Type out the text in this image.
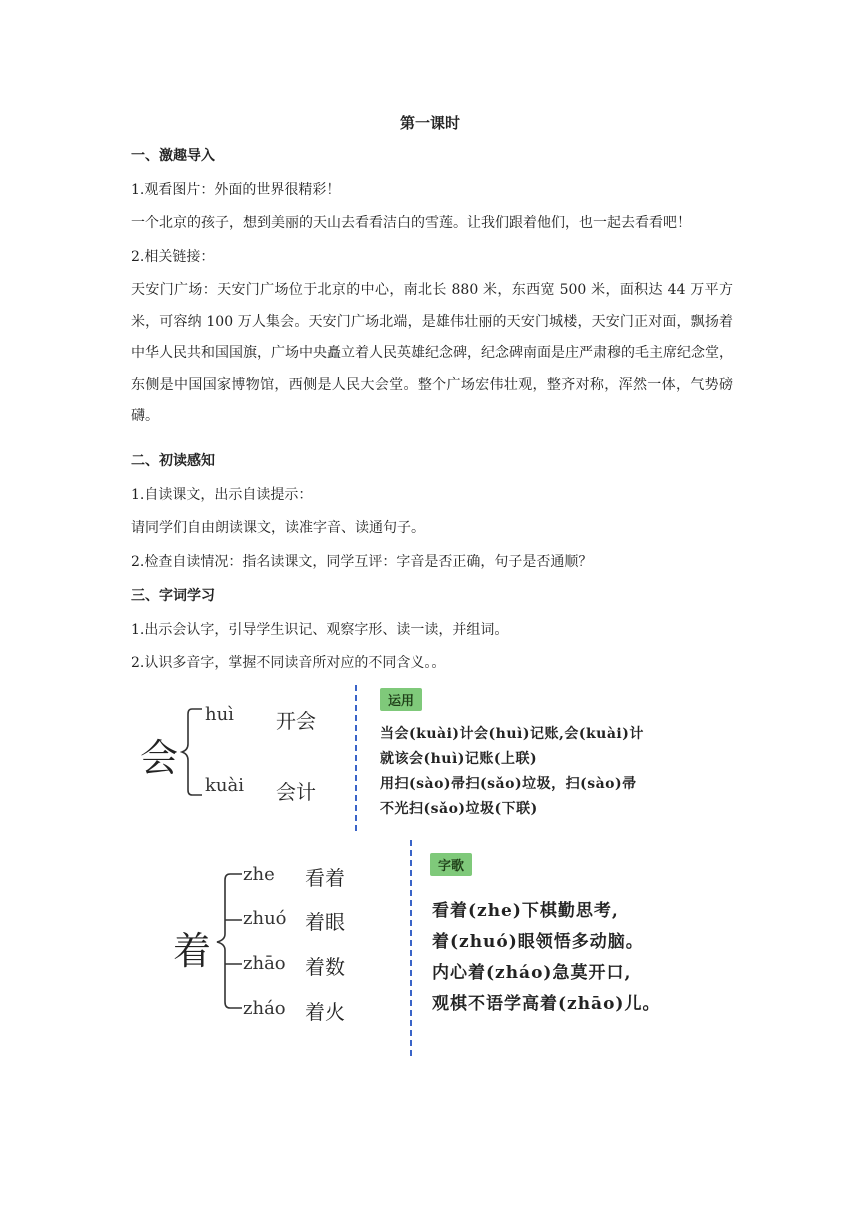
第一课时
一、激趣导入
1.观看图片：外面的世界很精彩！
一个北京的孩子，想到美丽的天山去看看洁白的雪莲。让我们跟着他们，也一起去看看吧！
2.相关链接：
天安门广场：天安门广场位于北京的中心，南北长 880 米，东西宽 500 米，面积达 44 万平方米，可容纳 100 万人集会。天安门广场北端，是雄伟壮丽的天安门城楼，天安门正对面，飘扬着中华人民共和国国旗，广场中央矗立着人民英雄纪念碑，纪念碑南面是庄严肃穆的毛主席纪念堂，东侧是中国国家博物馆，西侧是人民大会堂。整个广场宏伟壮观，整齐对称，浑然一体，气势磅礴。
二、初读感知
1.自读课文，出示自读提示：
请同学们自由朗读课文，读准字音、读通句子。
2.检查自读情况：指名读课文，同学互评：字音是否正确，句子是否通顺？
三、字词学习
1.出示会认字，引导学生识记、观察字形、读一读，并组词。
2.认识多音字，掌握不同读音所对应的不同含义。。
会
huì 开会
kuài 会计
运用
当会(kuài)计会(huì)记账,会(kuài)计
就该会(huì)记账(上联)
用扫(sào)帚扫(sǎo)垃圾，扫(sào)帚
不光扫(sǎo)垃圾(下联)
着
zhe 看着
zhuó 着眼
zhāo 着数
zháo 着火
字歌
看着(zhe)下棋勤思考,
着(zhuó)眼领悟多动脑。
内心着(zháo)急莫开口,
观棋不语学高着(zhāo)儿。
